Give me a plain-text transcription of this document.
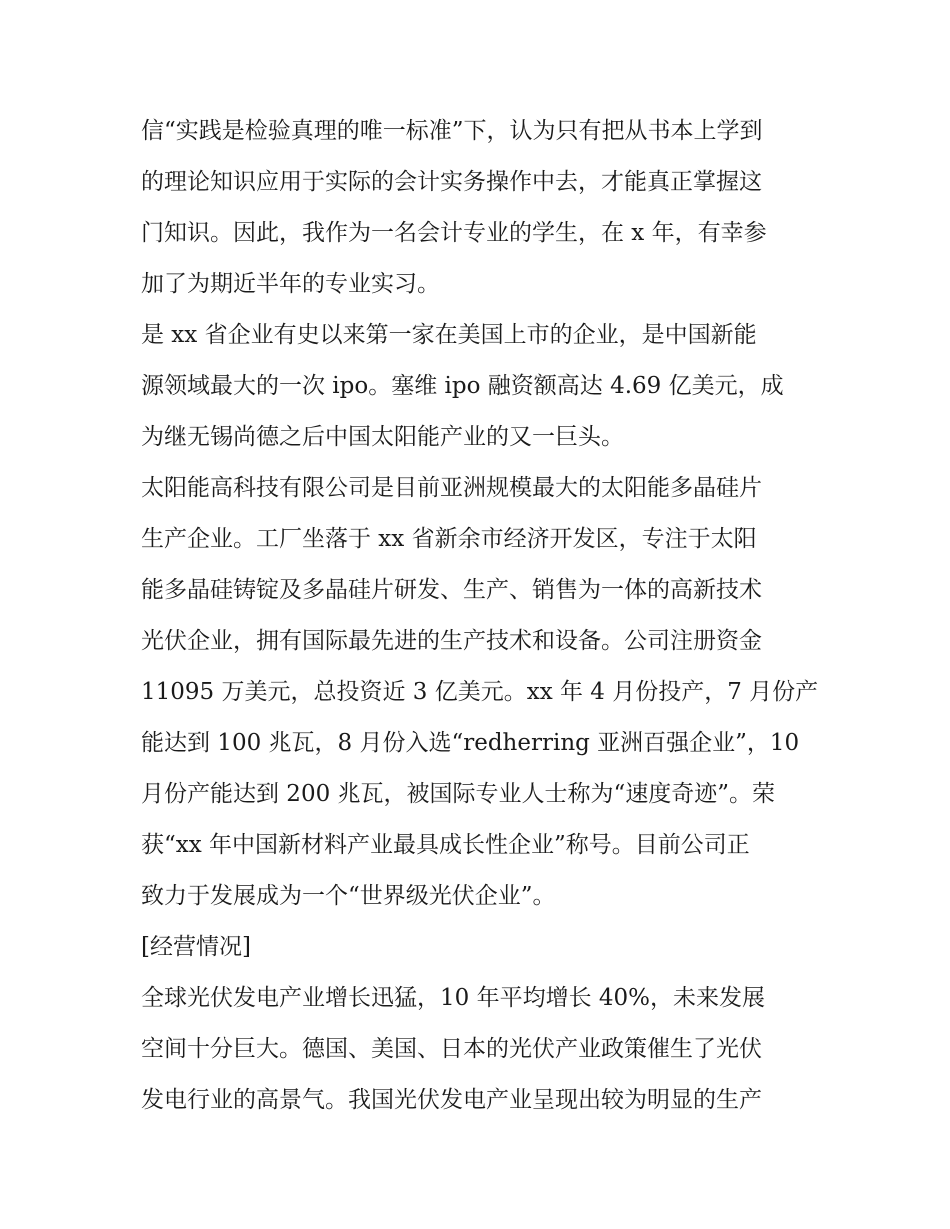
信“实践是检验真理的唯一标准”下，认为只有把从书本上学到
的理论知识应用于实际的会计实务操作中去，才能真正掌握这
门知识。因此，我作为一名会计专业的学生，在 x 年，有幸参
加了为期近半年的专业实习。
是 xx 省企业有史以来第一家在美国上市的企业，是中国新能
源领域最大的一次 ipo。塞维 ipo 融资额高达 4.69 亿美元，成
为继无锡尚德之后中国太阳能产业的又一巨头。
太阳能高科技有限公司是目前亚洲规模最大的太阳能多晶硅片
生产企业。工厂坐落于 xx 省新余市经济开发区，专注于太阳
能多晶硅铸锭及多晶硅片研发、生产、销售为一体的高新技术
光伏企业，拥有国际最先进的生产技术和设备。公司注册资金
11095 万美元，总投资近 3 亿美元。xx 年 4 月份投产，7 月份产
能达到 100 兆瓦，8 月份入选“redherring 亚洲百强企业”，10
月份产能达到 200 兆瓦，被国际专业人士称为“速度奇迹”。荣
获“xx 年中国新材料产业最具成长性企业”称号。目前公司正
致力于发展成为一个“世界级光伏企业”。
[经营情况]
全球光伏发电产业增长迅猛，10 年平均增长 40%，未来发展
空间十分巨大。德国、美国、日本的光伏产业政策催生了光伏
发电行业的高景气。我国光伏发电产业呈现出较为明显的生产
